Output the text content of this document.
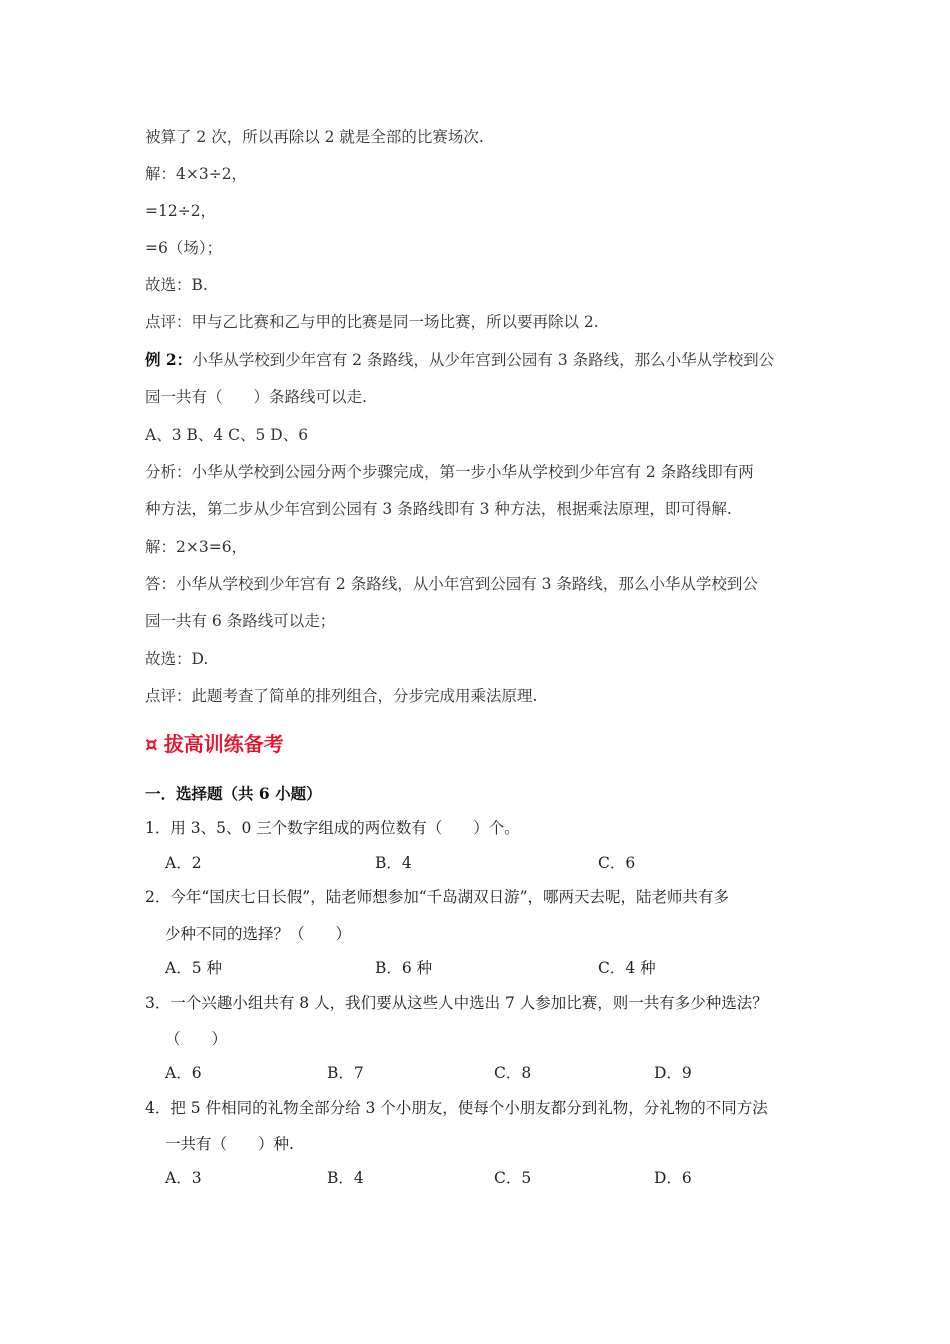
被算了 2 次，所以再除以 2 就是全部的比赛场次.
解：4×3÷2，
=12÷2，
=6（场）；
故选：B.
点评：甲与乙比赛和乙与甲的比赛是同一场比赛，所以要再除以 2.
例 2：小华从学校到少年宫有 2 条路线，从少年宫到公园有 3 条路线，那么小华从学校到公
园一共有（　　）条路线可以走.
A、3 B、4 C、5 D、6
分析：小华从学校到公园分两个步骤完成，第一步小华从学校到少年宫有 2 条路线即有两
种方法，第二步从少年宫到公园有 3 条路线即有 3 种方法，根据乘法原理，即可得解.
解：2×3=6，
答：小华从学校到少年宫有 2 条路线，从小年宫到公园有 3 条路线，那么小华从学校到公
园一共有 6 条路线可以走；
故选：D.
点评：此题考查了简单的排列组合，分步完成用乘法原理.
¤ 拔高训练备考
一．选择题（共 6 小题）
1．用 3、5、0 三个数字组成的两位数有（　　）个。
A．2	B．4	C．6
2．今年“国庆七日长假”，陆老师想参加“千岛湖双日游”，哪两天去呢，陆老师共有多
少种不同的选择？（　　）
A．5 种	B．6 种	C．4 种
3．一个兴趣小组共有 8 人，我们要从这些人中选出 7 人参加比赛，则一共有多少种选法？
（　　）
A．6	B．7	C．8	D．9
4．把 5 件相同的礼物全部分给 3 个小朋友，使每个小朋友都分到礼物，分礼物的不同方法
一共有（　　）种.
A．3	B．4	C．5	D．6
